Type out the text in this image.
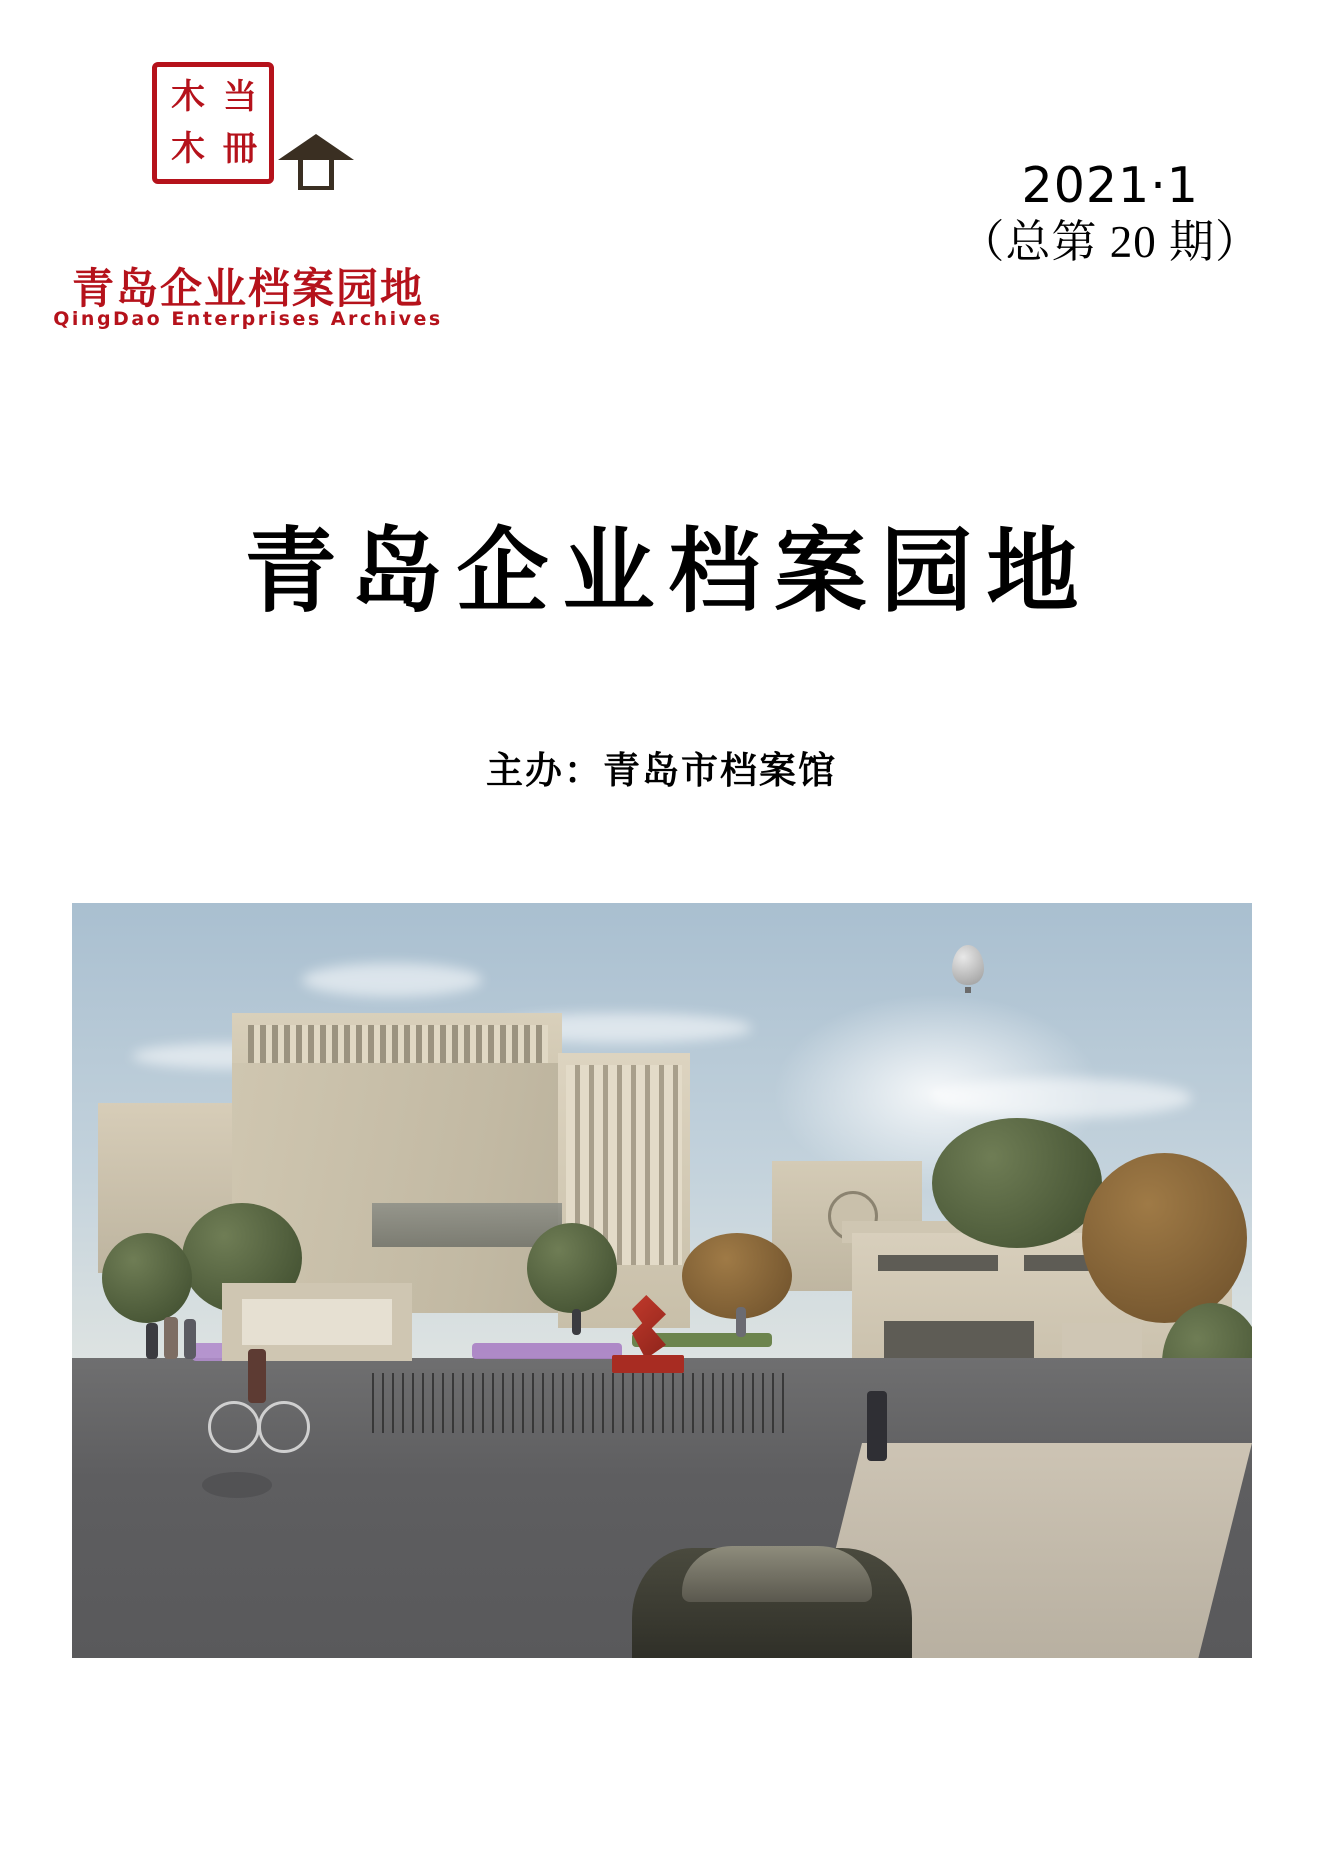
木 当
木 冊
青岛企业档案园地
QingDao Enterprises Archives
2021·1
（总第 20 期）
青岛企业档案园地
主办：青岛市档案馆
